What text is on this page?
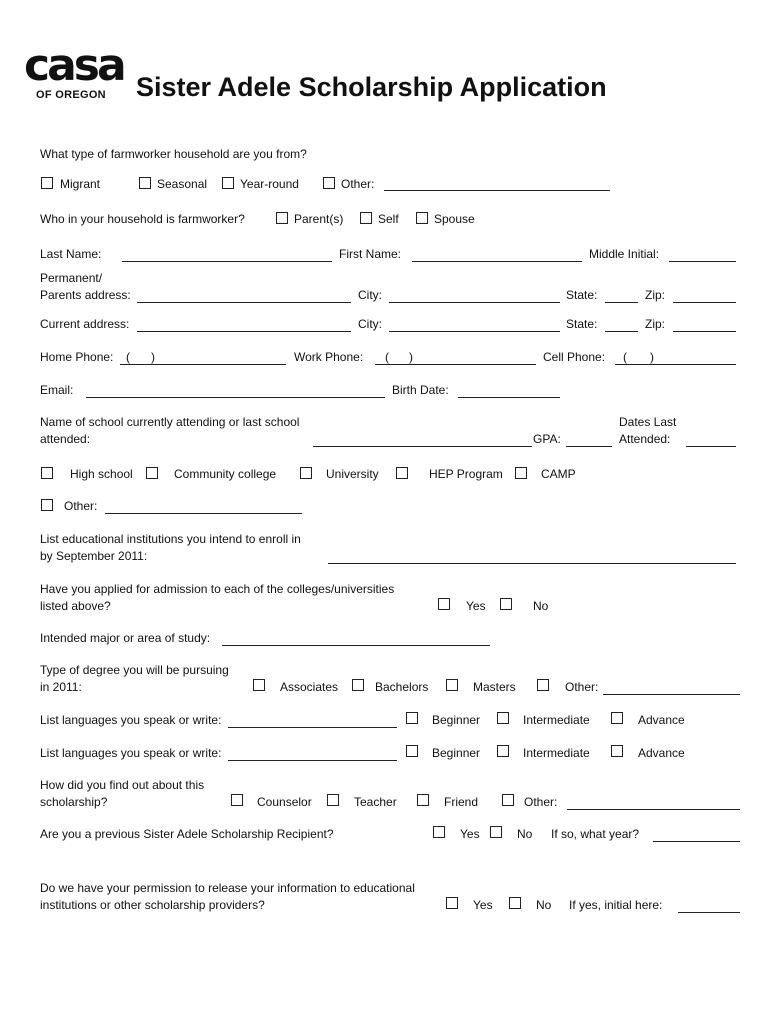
casa
OF OREGON Sister Adele Scholarship Application
What type of farmworker household are you from?
Migrant	Seasonal	Year-round	Other:
Who in your household is farmworker?	Parent(s)	Self	Spouse
Last Name:	First Name:	Middle Initial:
Permanent/
Parents address:	City:	State:	Zip:
Current address:	City:	State:	Zip:
Home Phone: ( )	Work Phone: ( )	Cell Phone: ( )
Email:	Birth Date:
Name of school currently attending or last school
attended:	GPA:
Dates Last
Attended:
High school	Community college	University	HEP Program	CAMP
Other:
List educational institutions you intend to enroll in
by September 2011:
Have you applied for admission to each of the colleges/universities
listed above?	Yes	No
Intended major or area of study:
Type of degree you will be pursuing
in 2011:	Associates	Bachelors	Masters	Other:
List languages you speak or write:	Beginner	Intermediate	Advance
List languages you speak or write:	Beginner	Intermediate	Advance
How did you find out about this
scholarship?	Counselor	Teacher	Friend	Other:
Are you a previous Sister Adele Scholarship Recipient?	Yes	No If so, what year?
Do we have your permission to release your information to educational
institutions or other scholarship providers?	Yes	No If yes, initial here:
